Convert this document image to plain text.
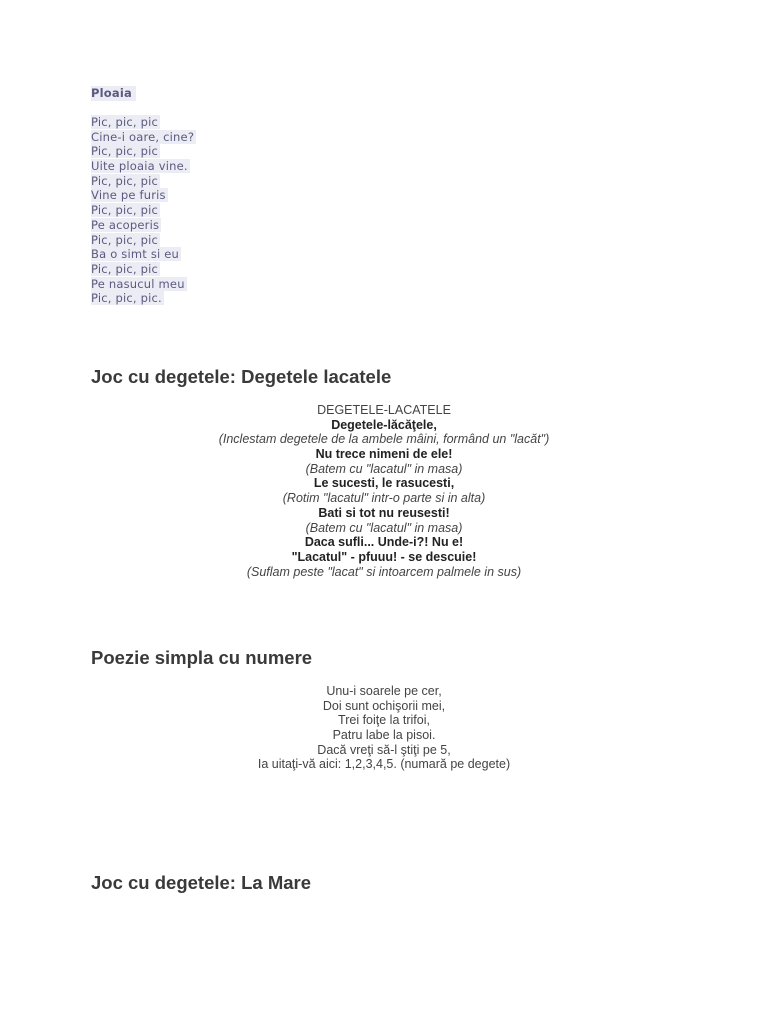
Ploaia
Pic, pic, pic
Cine-i oare, cine?
Pic, pic, pic
Uite ploaia vine.
Pic, pic, pic
Vine pe furis
Pic, pic, pic
Pe acoperis
Pic, pic, pic
Ba o simt si eu
Pic, pic, pic
Pe nasucul meu
Pic, pic, pic.
Joc cu degetele: Degetele lacatele
DEGETELE-LACATELE
Degetele-lăcăţele,
(Inclestam degetele de la ambele mâini, formând un "lacăt")
Nu trece nimeni de ele!
(Batem cu "lacatul" in masa)
Le sucesti, le rasucesti,
(Rotim "lacatul" intr-o parte si in alta)
Bati si tot nu reusesti!
(Batem cu "lacatul" in masa)
Daca sufli... Unde-i?! Nu e!
"Lacatul" - pfuuu! - se descuie!
(Suflam peste "lacat" si intoarcem palmele in sus)
Poezie simpla cu numere
Unu-i soarele pe cer,
Doi sunt ochişorii mei,
Trei foiţe la trifoi,
Patru labe la pisoi.
Dacă vreţi să-l ştiţi pe 5,
Ia uitaţi-vă aici: 1,2,3,4,5. (numară pe degete)
Joc cu degetele: La Mare
